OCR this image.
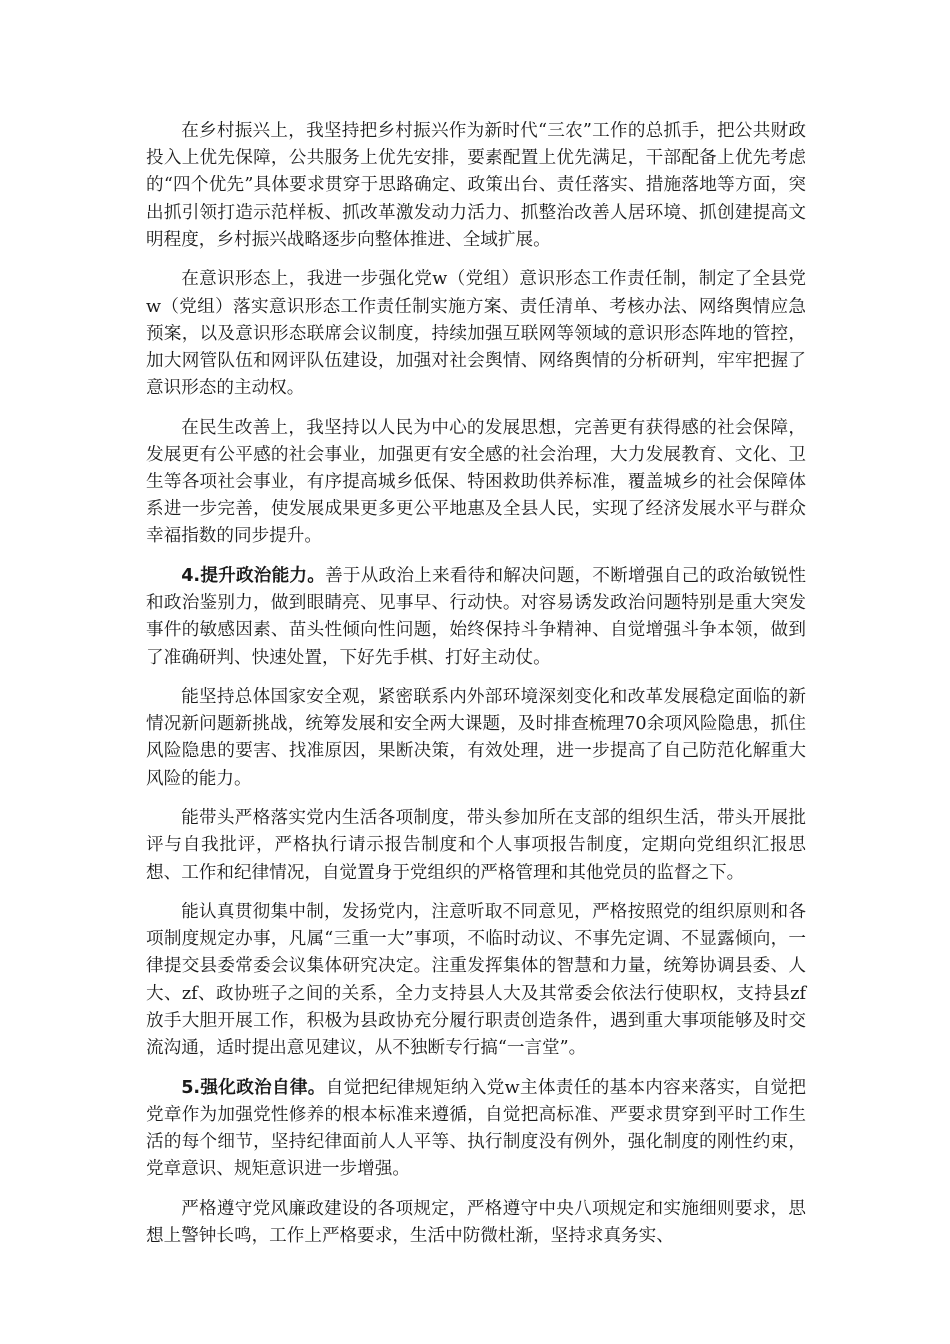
在乡村振兴上，我坚持把乡村振兴作为新时代“三农”工作的总抓手，把公共财政投入上优先保障，公共服务上优先安排，要素配置上优先满足，干部配备上优先考虑的“四个优先”具体要求贯穿于思路确定、政策出台、责任落实、措施落地等方面，突出抓引领打造示范样板、抓改革激发动力活力、抓整治改善人居环境、抓创建提高文明程度，乡村振兴战略逐步向整体推进、全域扩展。

在意识形态上，我进一步强化党w（党组）意识形态工作责任制，制定了全县党w（党组）落实意识形态工作责任制实施方案、责任清单、考核办法、网络舆情应急预案，以及意识形态联席会议制度，持续加强互联网等领域的意识形态阵地的管控，加大网管队伍和网评队伍建设，加强对社会舆情、网络舆情的分析研判，牢牢把握了意识形态的主动权。

在民生改善上，我坚持以人民为中心的发展思想，完善更有获得感的社会保障，发展更有公平感的社会事业，加强更有安全感的社会治理，大力发展教育、文化、卫生等各项社会事业，有序提高城乡低保、特困救助供养标准，覆盖城乡的社会保障体系进一步完善，使发展成果更多更公平地惠及全县人民，实现了经济发展水平与群众幸福指数的同步提升。

4.提升政治能力。善于从政治上来看待和解决问题，不断增强自己的政治敏锐性和政治鉴别力，做到眼睛亮、见事早、行动快。对容易诱发政治问题特别是重大突发事件的敏感因素、苗头性倾向性问题，始终保持斗争精神、自觉增强斗争本领，做到了准确研判、快速处置，下好先手棋、打好主动仗。

能坚持总体国家安全观，紧密联系内外部环境深刻变化和改革发展稳定面临的新情况新问题新挑战，统筹发展和安全两大课题，及时排查梳理70余项风险隐患，抓住风险隐患的要害、找准原因，果断决策，有效处理，进一步提高了自己防范化解重大风险的能力。

能带头严格落实党内生活各项制度，带头参加所在支部的组织生活，带头开展批评与自我批评，严格执行请示报告制度和个人事项报告制度，定期向党组织汇报思想、工作和纪律情况，自觉置身于党组织的严格管理和其他党员的监督之下。

能认真贯彻集中制，发扬党内，注意听取不同意见，严格按照党的组织原则和各项制度规定办事，凡属“三重一大”事项，不临时动议、不事先定调、不显露倾向，一律提交县委常委会议集体研究决定。注重发挥集体的智慧和力量，统筹协调县委、人大、zf、政协班子之间的关系，全力支持县人大及其常委会依法行使职权，支持县zf放手大胆开展工作，积极为县政协充分履行职责创造条件，遇到重大事项能够及时交流沟通，适时提出意见建议，从不独断专行搞“一言堂”。

5.强化政治自律。自觉把纪律规矩纳入党w主体责任的基本内容来落实，自觉把党章作为加强党性修养的根本标准来遵循，自觉把高标准、严要求贯穿到平时工作生活的每个细节，坚持纪律面前人人平等、执行制度没有例外，强化制度的刚性约束，党章意识、规矩意识进一步增强。

严格遵守党风廉政建设的各项规定，严格遵守中央八项规定和实施细则要求，思想上警钟长鸣，工作上严格要求，生活中防微杜渐，坚持求真务实、
